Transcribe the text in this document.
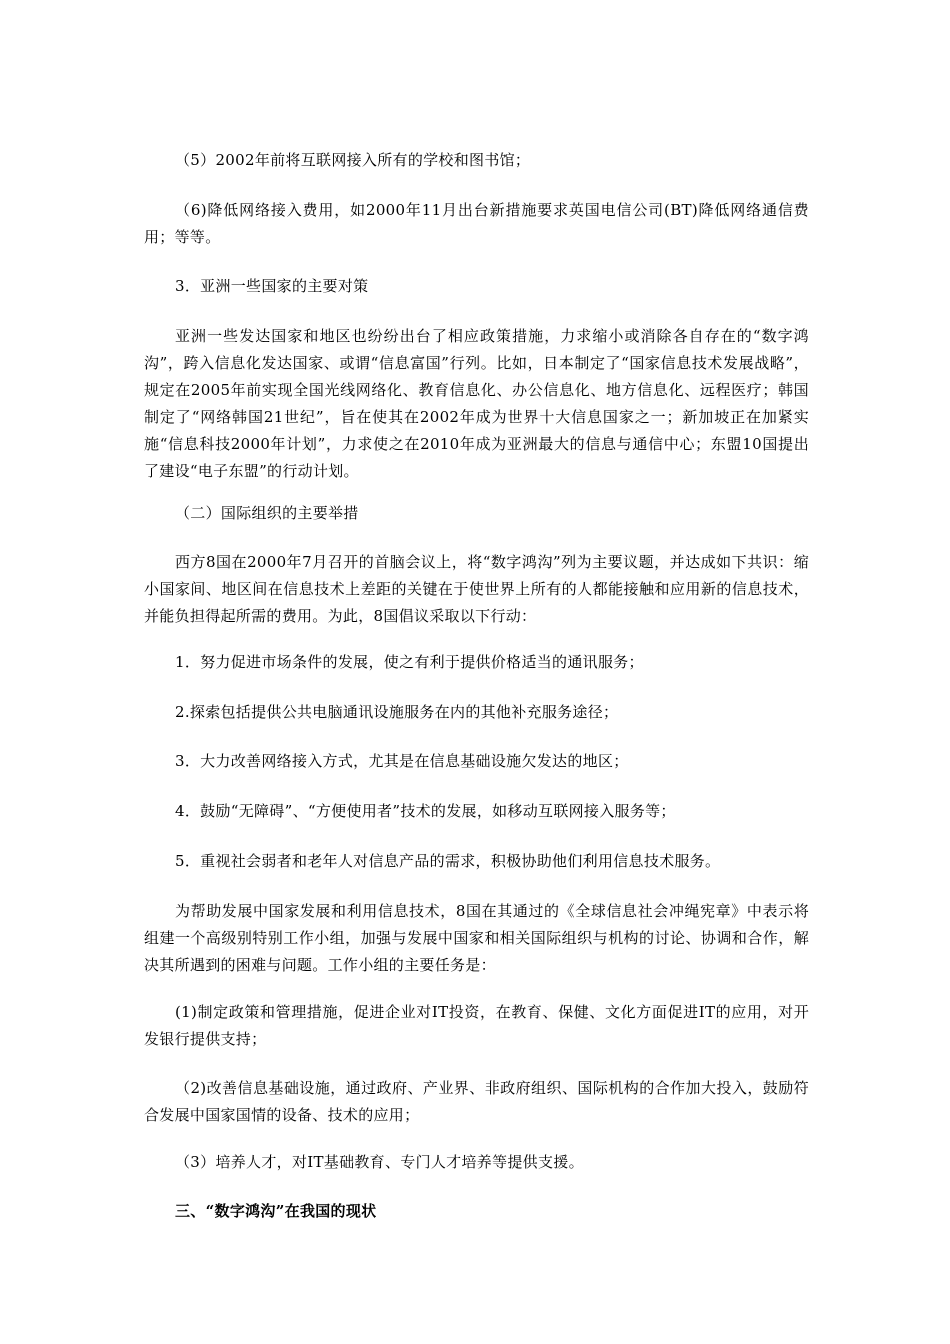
（5）2002年前将互联网接入所有的学校和图书馆；

（6)降低网络接入费用，如2000年11月出台新措施要求英国电信公司(BT)降低网络通信费用；等等。

3．亚洲一些国家的主要对策

亚洲一些发达国家和地区也纷纷出台了相应政策措施，力求缩小或消除各自存在的“数字鸿沟”，跨入信息化发达国家、或谓“信息富国”行列。比如，日本制定了“国家信息技术发展战略”，规定在2005年前实现全国光线网络化、教育信息化、办公信息化、地方信息化、远程医疗；韩国制定了“网络韩国21世纪”，旨在使其在2002年成为世界十大信息国家之一；新加坡正在加紧实施“信息科技2000年计划”，力求使之在2010年成为亚洲最大的信息与通信中心；东盟10国提出了建设“电子东盟”的行动计划。

（二）国际组织的主要举措

西方8国在2000年7月召开的首脑会议上，将“数字鸿沟”列为主要议题，并达成如下共识：缩小国家间、地区间在信息技术上差距的关键在于使世界上所有的人都能接触和应用新的信息技术，并能负担得起所需的费用。为此，8国倡议采取以下行动：

1．努力促进市场条件的发展，使之有利于提供价格适当的通讯服务；

2.探索包括提供公共电脑通讯设施服务在内的其他补充服务途径；

3．大力改善网络接入方式，尤其是在信息基础设施欠发达的地区；

4．鼓励“无障碍”、“方便使用者”技术的发展，如移动互联网接入服务等；

5．重视社会弱者和老年人对信息产品的需求，积极协助他们利用信息技术服务。

为帮助发展中国家发展和利用信息技术，8国在其通过的《全球信息社会冲绳宪章》中表示将组建一个高级别特别工作小组，加强与发展中国家和相关国际组织与机构的讨论、协调和合作，解决其所遇到的困难与问题。工作小组的主要任务是：

(1)制定政策和管理措施，促进企业对IT投资，在教育、保健、文化方面促进IT的应用，对开发银行提供支持；

（2)改善信息基础设施，通过政府、产业界、非政府组织、国际机构的合作加大投入，鼓励符合发展中国家国情的设备、技术的应用；

（3）培养人才，对IT基础教育、专门人才培养等提供支援。

三、“数字鸿沟”在我国的现状
